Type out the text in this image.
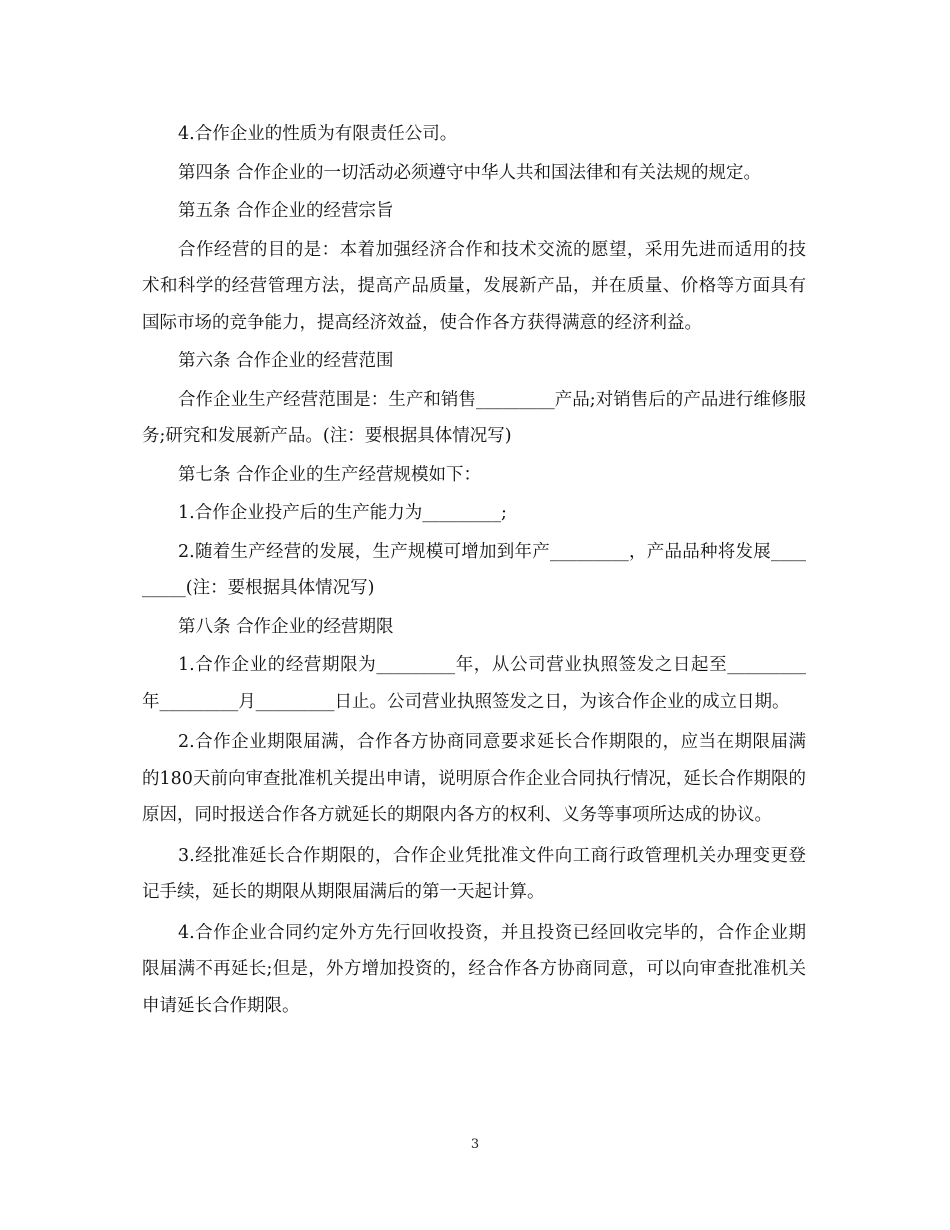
4.合作企业的性质为有限责任公司。

第四条 合作企业的一切活动必须遵守中华人共和国法律和有关法规的规定。

第五条 合作企业的经营宗旨

合作经营的目的是：本着加强经济合作和技术交流的愿望，采用先进而适用的技术和科学的经营管理方法，提高产品质量，发展新产品，并在质量、价格等方面具有国际市场的竞争能力，提高经济效益，使合作各方获得满意的经济利益。

第六条 合作企业的经营范围

合作企业生产经营范围是：生产和销售_________产品;对销售后的产品进行维修服务;研究和发展新产品。(注：要根据具体情况写)

第七条 合作企业的生产经营规模如下：

1.合作企业投产后的生产能力为_________;

2.随着生产经营的发展，生产规模可增加到年产_________，产品品种将发展_________(注：要根据具体情况写)

第八条 合作企业的经营期限

1.合作企业的经营期限为_________年，从公司营业执照签发之日起至_________年_________月_________日止。公司营业执照签发之日，为该合作企业的成立日期。

2.合作企业期限届满，合作各方协商同意要求延长合作期限的，应当在期限届满的180天前向审查批准机关提出申请，说明原合作企业合同执行情况，延长合作期限的原因，同时报送合作各方就延长的期限内各方的权利、义务等事项所达成的协议。

3.经批准延长合作期限的，合作企业凭批准文件向工商行政管理机关办理变更登记手续，延长的期限从期限届满后的第一天起计算。

4.合作企业合同约定外方先行回收投资，并且投资已经回收完毕的，合作企业期限届满不再延长;但是，外方增加投资的，经合作各方协商同意，可以向审查批准机关申请延长合作期限。

3
